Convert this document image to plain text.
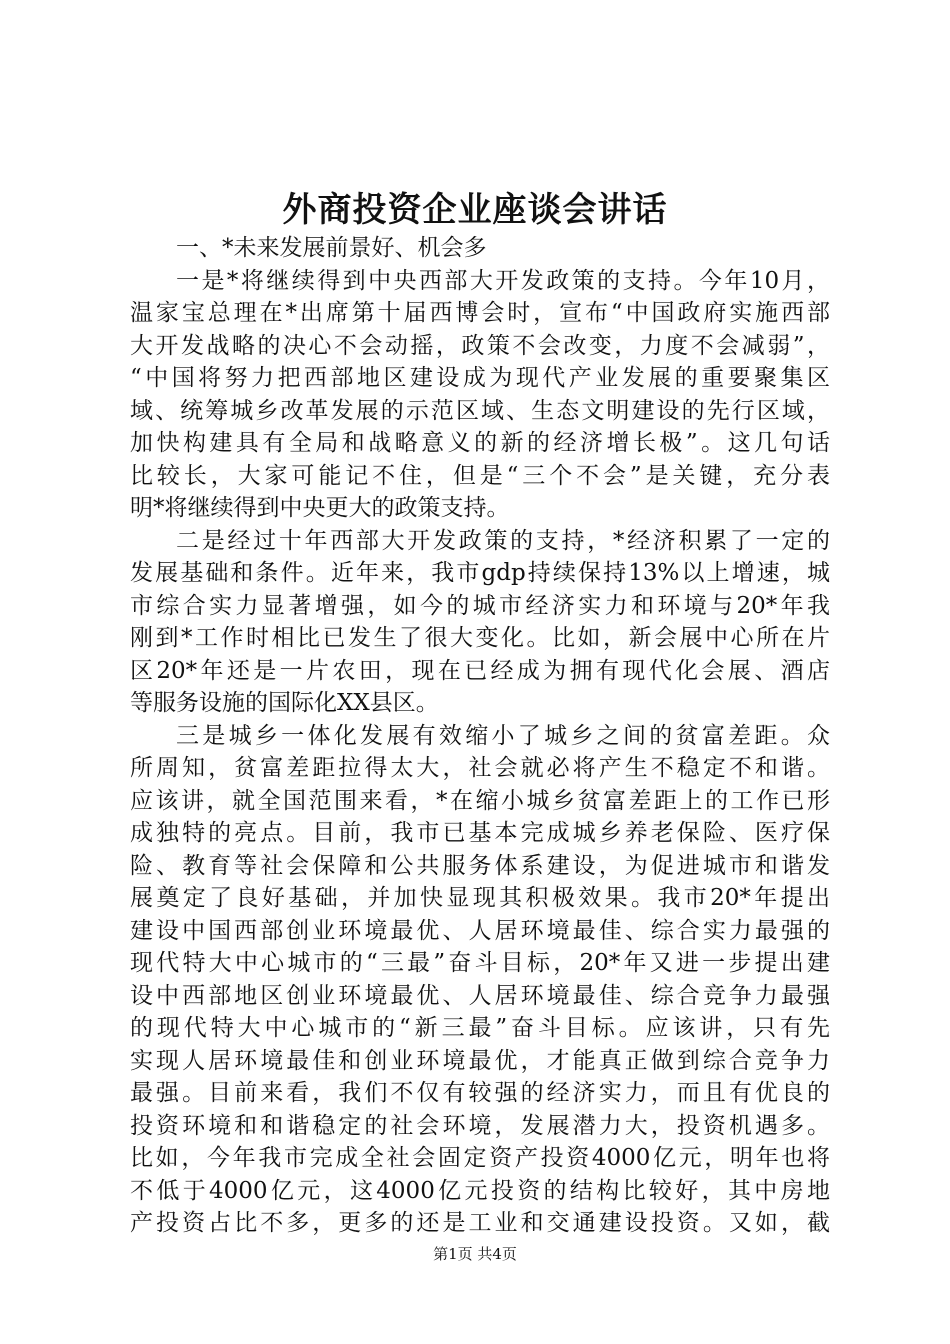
外商投资企业座谈会讲话
一、*未来发展前景好、机会多
一是*将继续得到中央西部大开发政策的支持。今年10月，
温家宝总理在*出席第十届西博会时，宣布“中国政府实施西部
大开发战略的决心不会动摇，政策不会改变，力度不会减弱”，
“中国将努力把西部地区建设成为现代产业发展的重要聚集区
域、统筹城乡改革发展的示范区域、生态文明建设的先行区域，
加快构建具有全局和战略意义的新的经济增长极”。这几句话
比较长，大家可能记不住，但是“三个不会”是关键，充分表
明*将继续得到中央更大的政策支持。
二是经过十年西部大开发政策的支持，*经济积累了一定的
发展基础和条件。近年来，我市gdp持续保持13%以上增速，城
市综合实力显著增强，如今的城市经济实力和环境与20*年我
刚到*工作时相比已发生了很大变化。比如，新会展中心所在片
区20*年还是一片农田，现在已经成为拥有现代化会展、酒店
等服务设施的国际化XX县区。
三是城乡一体化发展有效缩小了城乡之间的贫富差距。众
所周知，贫富差距拉得太大，社会就必将产生不稳定不和谐。
应该讲，就全国范围来看，*在缩小城乡贫富差距上的工作已形
成独特的亮点。目前，我市已基本完成城乡养老保险、医疗保
险、教育等社会保障和公共服务体系建设，为促进城市和谐发
展奠定了良好基础，并加快显现其积极效果。我市20*年提出
建设中国西部创业环境最优、人居环境最佳、综合实力最强的
现代特大中心城市的“三最”奋斗目标，20*年又进一步提出建
设中西部地区创业环境最优、人居环境最佳、综合竞争力最强
的现代特大中心城市的“新三最”奋斗目标。应该讲，只有先
实现人居环境最佳和创业环境最优，才能真正做到综合竞争力
最强。目前来看，我们不仅有较强的经济实力，而且有优良的
投资环境和和谐稳定的社会环境，发展潜力大，投资机遇多。
比如，今年我市完成全社会固定资产投资4000亿元，明年也将
不低于4000亿元，这4000亿元投资的结构比较好，其中房地
产投资占比不多，更多的还是工业和交通建设投资。又如，截
第1页 共4页
